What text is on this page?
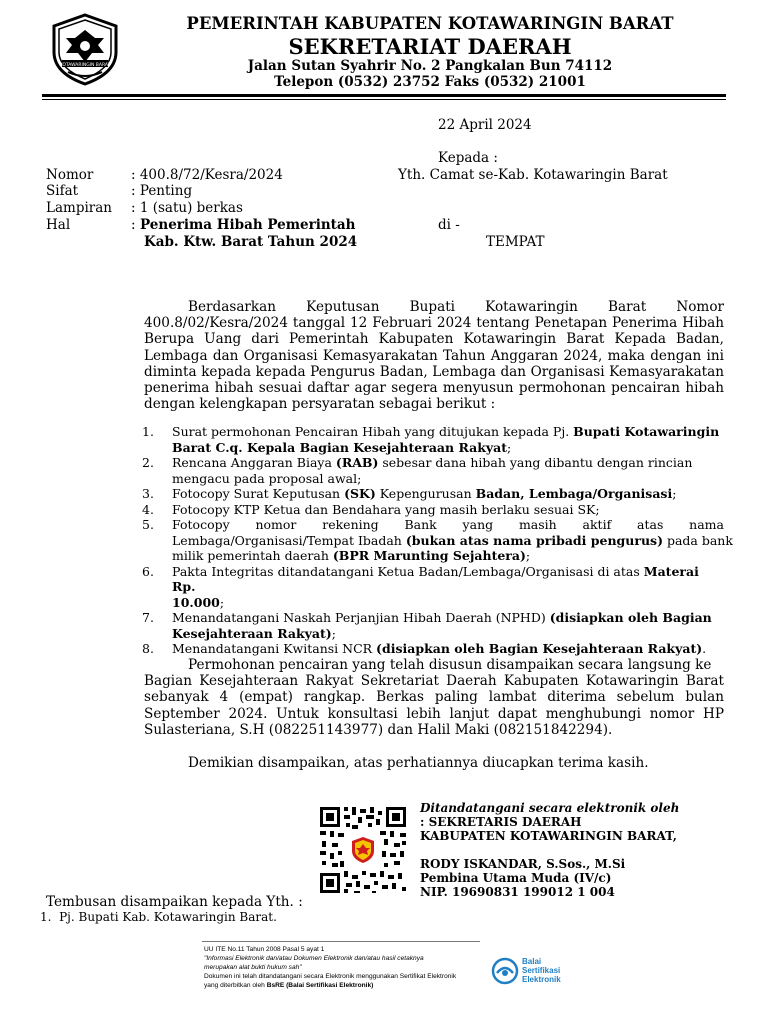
KOTAWARINGIN BARAT
PEMERINTAH KABUPATEN KOTAWARINGIN BARAT
SEKRETARIAT DAERAH
Jalan Sutan Syahrir No. 2 Pangkalan Bun 74112
Telepon (0532) 23752 Faks (0532) 21001
22 April 2024
Kepada :
Yth. Camat se-Kab. Kotawaringin Barat
di -
TEMPAT
Nomor	: 400.8/72/Kesra/2024
Sifat	: Penting
Lampiran : 1 (satu) berkas
Hal	: Penerima Hibah Pemerintah
Kab. Ktw. Barat Tahun 2024
Berdasarkan Keputusan Bupati Kotawaringin Barat Nomor
400.8/02/Kesra/2024 tanggal 12 Februari 2024 tentang Penetapan Penerima Hibah
Berupa Uang dari Pemerintah Kabupaten Kotawaringin Barat Kepada Badan,
Lembaga dan Organisasi Kemasyarakatan Tahun Anggaran 2024, maka dengan ini
diminta kepada kepada Pengurus Badan, Lembaga dan Organisasi Kemasyarakatan
penerima hibah sesuai daftar agar segera menyusun permohonan pencairan hibah
dengan kelengkapan persyaratan sebagai berikut :
1. Surat permohonan Pencairan Hibah yang ditujukan kepada Pj. Bupati Kotawaringin
Barat C.q. Kepala Bagian Kesejahteraan Rakyat;
2. Rencana Anggaran Biaya (RAB) sebesar dana hibah yang dibantu dengan rincian
mengacu pada proposal awal;
3. Fotocopy Surat Keputusan (SK) Kepengurusan Badan, Lembaga/Organisasi;
4. Fotocopy KTP Ketua dan Bendahara yang masih berlaku sesuai SK;
5. Fotocopy nomor rekening Bank yang masih aktif atas nama
Lembaga/Organisasi/Tempat Ibadah (bukan atas nama pribadi pengurus) pada bank
milik pemerintah daerah (BPR Marunting Sejahtera);
6. Pakta Integritas ditandatangani Ketua Badan/Lembaga/Organisasi di atas Materai Rp.
10.000;
7. Menandatangani Naskah Perjanjian Hibah Daerah (NPHD) (disiapkan oleh Bagian
Kesejahteraan Rakyat);
8. Menandatangani Kwitansi NCR (disiapkan oleh Bagian Kesejahteraan Rakyat).
Permohonan pencairan yang telah disusun disampaikan secara langsung ke
Bagian Kesejahteraan Rakyat Sekretariat Daerah Kabupaten Kotawaringin Barat
sebanyak 4 (empat) rangkap. Berkas paling lambat diterima sebelum bulan
September 2024. Untuk konsultasi lebih lanjut dapat menghubungi nomor HP
Sulasteriana, S.H (082251143977) dan Halil Maki (082151842294).
Demikian disampaikan, atas perhatiannya diucapkan terima kasih.
Ditandatangani secara elektronik oleh
: SEKRETARIS DAERAH
KABUPATEN KOTAWARINGIN BARAT,
RODY ISKANDAR, S.Sos., M.Si
Pembina Utama Muda (IV/c)
NIP. 19690831 199012 1 004
Tembusan disampaikan kepada Yth. :
1.  Pj. Bupati Kab. Kotawaringin Barat.
UU ITE No.11 Tahun 2008 Pasal 5 ayat 1
"Informasi Elektronik dan/atau Dokumen Elektronik dan/atau hasil cetaknya
merupakan alat bukti hukum sah"
Dokumen ini telah ditandatangani secara Elektronik menggunakan Sertifikat Elektronik
yang diterbitkan oleh BsRE (Balai Sertifikasi Elektronik)
Balai
Sertifikasi
Elektronik
